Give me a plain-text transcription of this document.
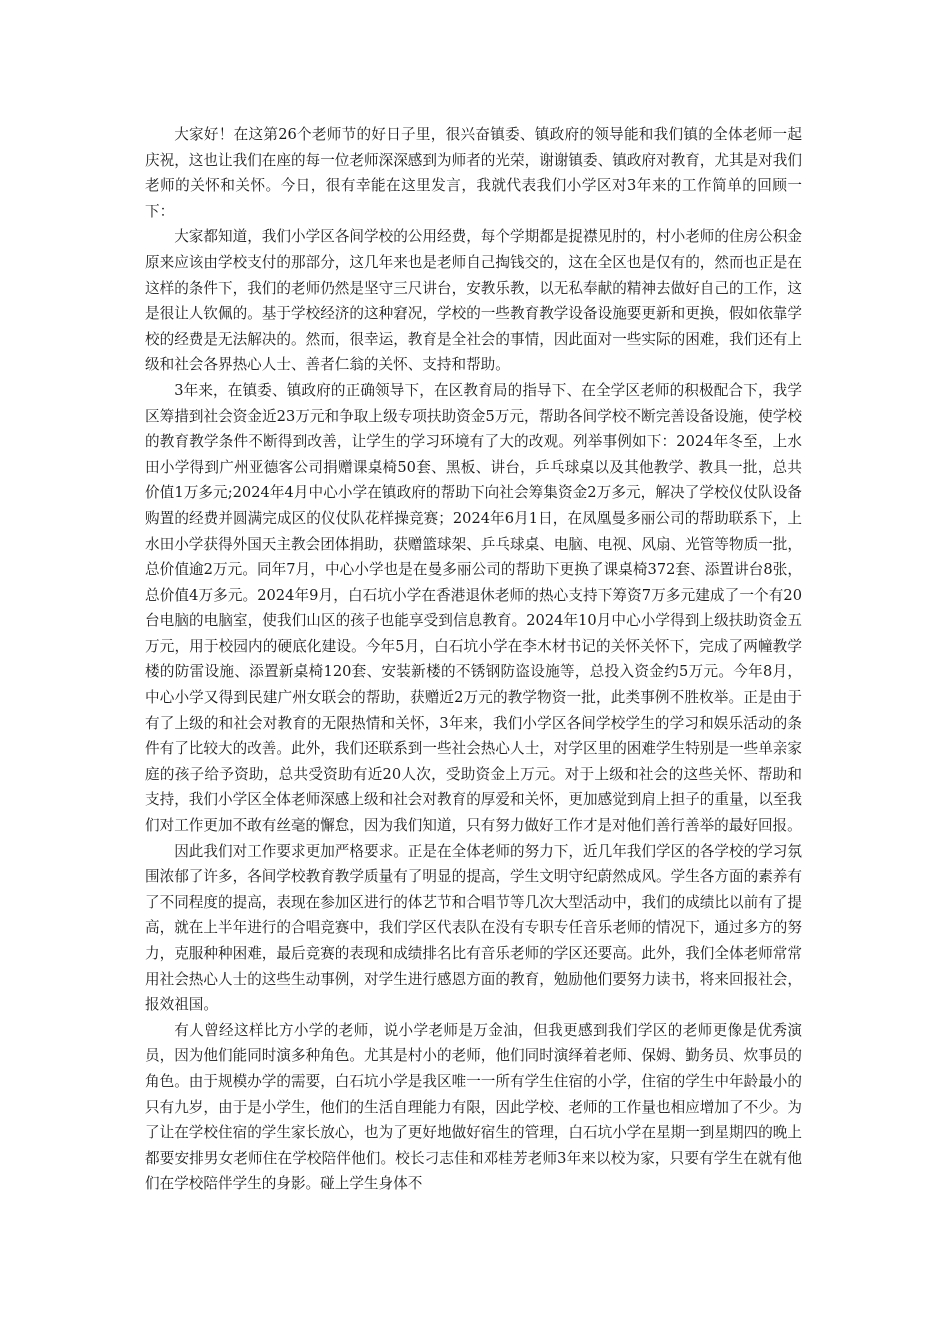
大家好！在这第26个老师节的好日子里，很兴奋镇委、镇政府的领导能和我们镇的全体老师一起庆祝，这也让我们在座的每一位老师深深感到为师者的光荣，谢谢镇委、镇政府对教育，尤其是对我们老师的关怀和关怀。今日，很有幸能在这里发言，我就代表我们小学区对3年来的工作简单的回顾一下：

大家都知道，我们小学区各间学校的公用经费，每个学期都是捉襟见肘的，村小老师的住房公积金原来应该由学校支付的那部分，这几年来也是老师自己掏钱交的，这在全区也是仅有的，然而也正是在这样的条件下，我们的老师仍然是坚守三尺讲台，安教乐教，以无私奉献的精神去做好自己的工作，这是很让人钦佩的。基于学校经济的这种窘况，学校的一些教育教学设备设施要更新和更换，假如依靠学校的经费是无法解决的。然而，很幸运，教育是全社会的事情，因此面对一些实际的困难，我们还有上级和社会各界热心人士、善者仁翁的关怀、支持和帮助。

3年来，在镇委、镇政府的正确领导下，在区教育局的指导下、在全学区老师的积极配合下，我学区筹措到社会资金近23万元和争取上级专项扶助资金5万元，帮助各间学校不断完善设备设施，使学校的教育教学条件不断得到改善，让学生的学习环境有了大的改观。列举事例如下：2024年冬至，上水田小学得到广州亚德客公司捐赠课桌椅50套、黑板、讲台，乒乓球桌以及其他教学、教具一批，总共价值1万多元;2024年4月中心小学在镇政府的帮助下向社会筹集资金2万多元，解决了学校仪仗队设备购置的经费并圆满完成区的仪仗队花样操竞赛；2024年6月1日，在凤凰曼多丽公司的帮助联系下，上水田小学获得外国天主教会团体捐助，获赠篮球架、乒乓球桌、电脑、电视、风扇、光管等物质一批，总价值逾2万元。同年7月，中心小学也是在曼多丽公司的帮助下更换了课桌椅372套、添置讲台8张，总价值4万多元。2024年9月，白石坑小学在香港退休老师的热心支持下筹资7万多元建成了一个有20台电脑的电脑室，使我们山区的孩子也能享受到信息教育。2024年10月中心小学得到上级扶助资金五万元，用于校园内的硬底化建设。今年5月，白石坑小学在李木材书记的关怀关怀下，完成了两幢教学楼的防雷设施、添置新桌椅120套、安装新楼的不锈钢防盗设施等，总投入资金约5万元。今年8月，中心小学又得到民建广州女联会的帮助，获赠近2万元的教学物资一批，此类事例不胜枚举。正是由于有了上级的和社会对教育的无限热情和关怀，3年来，我们小学区各间学校学生的学习和娱乐活动的条件有了比较大的改善。此外，我们还联系到一些社会热心人士，对学区里的困难学生特别是一些单亲家庭的孩子给予资助，总共受资助有近20人次，受助资金上万元。对于上级和社会的这些关怀、帮助和支持，我们小学区全体老师深感上级和社会对教育的厚爱和关怀，更加感觉到肩上担子的重量，以至我们对工作更加不敢有丝毫的懈怠，因为我们知道，只有努力做好工作才是对他们善行善举的最好回报。

因此我们对工作要求更加严格要求。正是在全体老师的努力下，近几年我们学区的各学校的学习氛围浓郁了许多，各间学校教育教学质量有了明显的提高，学生文明守纪蔚然成风。学生各方面的素养有了不同程度的提高，表现在参加区进行的体艺节和合唱节等几次大型活动中，我们的成绩比以前有了提高，就在上半年进行的合唱竞赛中，我们学区代表队在没有专职专任音乐老师的情况下，通过多方的努力，克服种种困难，最后竞赛的表现和成绩排名比有音乐老师的学区还要高。此外，我们全体老师常常用社会热心人士的这些生动事例，对学生进行感恩方面的教育，勉励他们要努力读书，将来回报社会，报效祖国。

有人曾经这样比方小学的老师，说小学老师是万金油，但我更感到我们学区的老师更像是优秀演员，因为他们能同时演多种角色。尤其是村小的老师，他们同时演绎着老师、保姆、勤务员、炊事员的角色。由于规模办学的需要，白石坑小学是我区唯一一所有学生住宿的小学，住宿的学生中年龄最小的只有九岁，由于是小学生，他们的生活自理能力有限，因此学校、老师的工作量也相应增加了不少。为了让在学校住宿的学生家长放心，也为了更好地做好宿生的管理，白石坑小学在星期一到星期四的晚上都要安排男女老师住在学校陪伴他们。校长刁志佳和邓桂芳老师3年来以校为家，只要有学生在就有他们在学校陪伴学生的身影。碰上学生身体不
